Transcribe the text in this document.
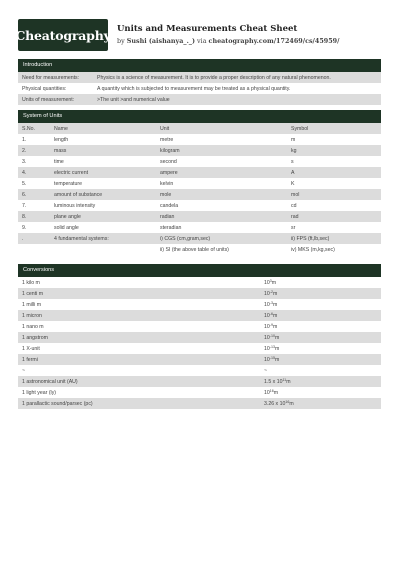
Cheatography Units and Measurements Cheat Sheet
by Sushi (aishanya_._) via cheatography.com/172469/cs/45959/
Introduction
Need for measurements:	Physics is a science of measurement. It is to provide a proper description of any natural phenomenon.
Physical quantities:	A quantity which is subjected to measurement may be treated as a physical quantity.
Units of measurement:	>The unit >and numerical value
System of Units
S.No.	Name	Unit	Symbol
1.	length	metre	m
2.	mass	kilogram	kg
3.	time	second	s
4.	electric current	ampere	A
5.	temperature	kelvin	K
6.	amount of substance	mole	mol
7.	luminous intensity	candela	cd
8.	plane angle	radian	rad
9.	solid angle	steradian	sr
.	4 fundamental systems:	i) CGS (cm,gram,sec)	ii) FPS (ft,lb,sec)
		ii) SI (the above table of units)	iv) MKS (m,kg,sec)
Conversions
1 kilo m	$10^3m$
1 centi m	$10^{-2}m$
1 milli m	$10^{-3}m$
1 micron	$10^{-6}m$
1 nano m	$10^{-9}m$
1 angstrom	$10^{-10}m$
1 X-unit	$10^{-13}m$
1 fermi	$10^{-15}m$
~	~
1 astronomical unit (AU)	1.5 x $10^{11}m$
1 light year (ly)	$10^{16}m$
1 parallactic sound/parsec (pc)	3.26 x $10^{16}m$
